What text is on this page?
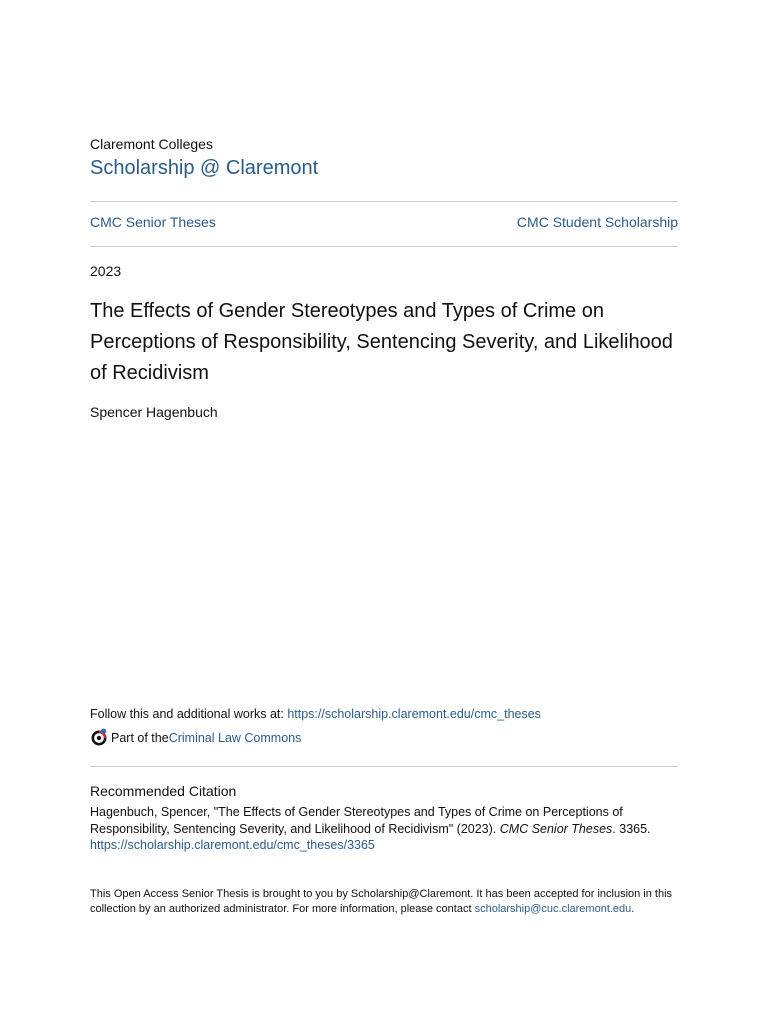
Claremont Colleges
Scholarship @ Claremont
CMC Senior Theses	CMC Student Scholarship
2023
The Effects of Gender Stereotypes and Types of Crime on Perceptions of Responsibility, Sentencing Severity, and Likelihood of Recidivism
Spencer Hagenbuch
Follow this and additional works at: https://scholarship.claremont.edu/cmc_theses
Part of the Criminal Law Commons
Recommended Citation
Hagenbuch, Spencer, "The Effects of Gender Stereotypes and Types of Crime on Perceptions of Responsibility, Sentencing Severity, and Likelihood of Recidivism" (2023). CMC Senior Theses. 3365.
https://scholarship.claremont.edu/cmc_theses/3365
This Open Access Senior Thesis is brought to you by Scholarship@Claremont. It has been accepted for inclusion in this collection by an authorized administrator. For more information, please contact scholarship@cuc.claremont.edu.
